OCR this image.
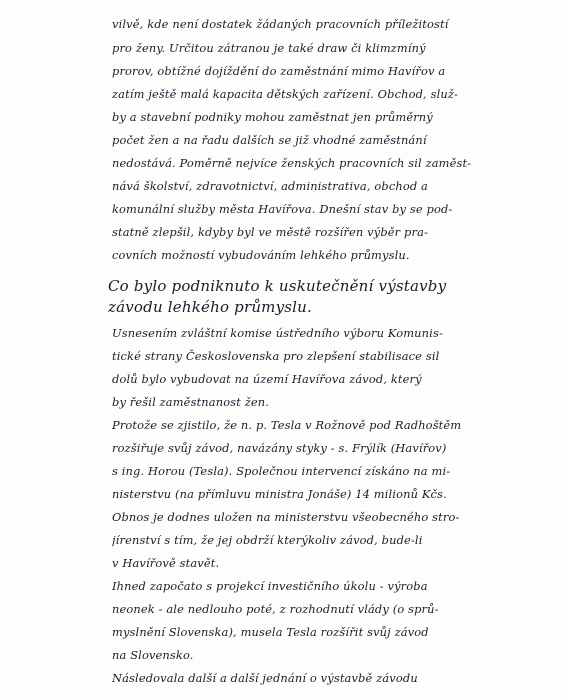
vilvě, kde není dostatek žádaných pracovních příležitostí
pro ženy. Určitou zátranou je také draw či klimzmíný
prorov, obtížné dojíždění do zaměstnání mimo Havířov a
zatím ještě malá kapacita dětských zařízení. Obchod, služ-
by a stavební podniky mohou zaměstnat jen průměrný
počet žen a na řadu dalších se již vhodné zaměstnání
nedostává. Poměrně nejvíce ženských pracovních sil zaměst-
nává školství, zdravotnictví, administrativa, obchod a
komunální služby města Havířova. Dnešní stav by se pod-
statně zlepšil, kdyby byl ve městě rozšířen výběr pra-
covních možností vybudováním lehkého průmyslu.
Co bylo podniknuto k uskutečnění výstavby
závodu lehkého průmyslu.
Usnesením zvláštní komise ústředního výboru Komunis-
tické strany Československa pro zlepšení stabilisace sil
dolů bylo vybudovat na území Havířova závod, který
by řešil zaměstnanost žen.
Protože se zjistilo, že n. p. Tesla v Rožnově pod Radhoštěm
rozšiřuje svůj závod, navázány styky - s. Frýlík (Havířov)
s ing. Horou (Tesla). Společnou intervencí získáno na mi-
nisterstvu (na přímluvu ministra Jonáše) 14 milionů Kčs.
Obnos je dodnes uložen na ministerstvu všeobecného stro-
jírenství s tím, že jej obdrží kterýkoliv závod, bude-li
v Havířově stavět.
Ihned započato s projekcí investičního úkolu - výroba
neonek - ale nedlouho poté, z rozhodnutí vlády (o sprů-
myslnění Slovenska), musela Tesla rozšířit svůj závod
na Slovensko.
Následovala další a další jednání o výstavbě závodu
